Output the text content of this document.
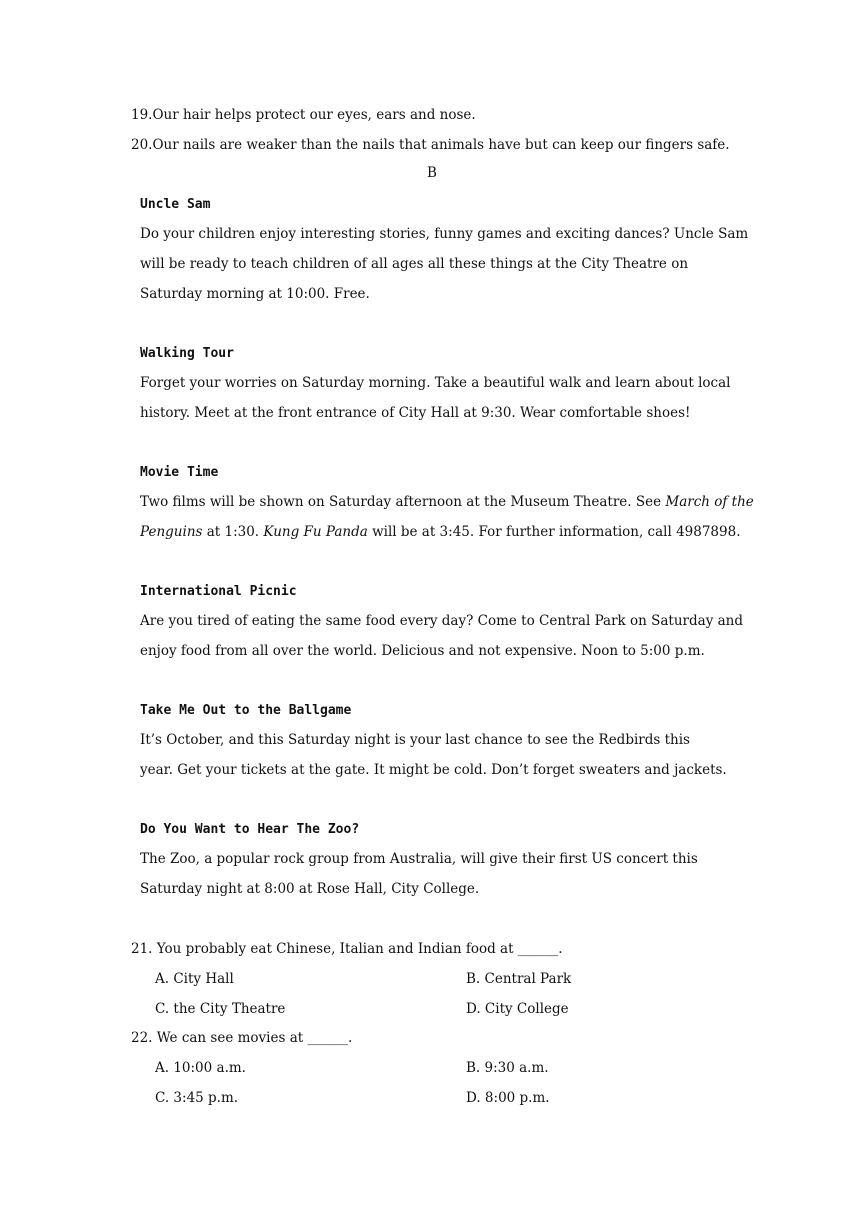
19.Our hair helps protect our eyes, ears and nose.
20.Our nails are weaker than the nails that animals have but can keep our fingers safe.
B
Uncle Sam
Do your children enjoy interesting stories, funny games and exciting dances? Uncle Sam
will be ready to teach children of all ages all these things at the City Theatre on
Saturday morning at 10:00. Free.
Walking Tour
Forget your worries on Saturday morning. Take a beautiful walk and learn about local
history. Meet at the front entrance of City Hall at 9:30. Wear comfortable shoes!
Movie Time
Two films will be shown on Saturday afternoon at the Museum Theatre. See March of the
Penguins at 1:30. Kung Fu Panda will be at 3:45. For further information, call 4987898.
International Picnic
Are you tired of eating the same food every day? Come to Central Park on Saturday and
enjoy food from all over the world. Delicious and not expensive. Noon to 5:00 p.m.
Take Me Out to the Ballgame
It’s October, and this Saturday night is your last chance to see the Redbirds this
year. Get your tickets at the gate. It might be cold. Don’t forget sweaters and jackets.
Do You Want to Hear The Zoo?
The Zoo, a popular rock group from Australia, will give their first US concert this
Saturday night at 8:00 at Rose Hall, City College.
21. You probably eat Chinese, Italian and Indian food at ______.
A. City Hall	B. Central Park
C. the City Theatre	D. City College
22. We can see movies at ______.
A. 10:00 a.m.	B. 9:30 a.m.
C. 3:45 p.m.	D. 8:00 p.m.
